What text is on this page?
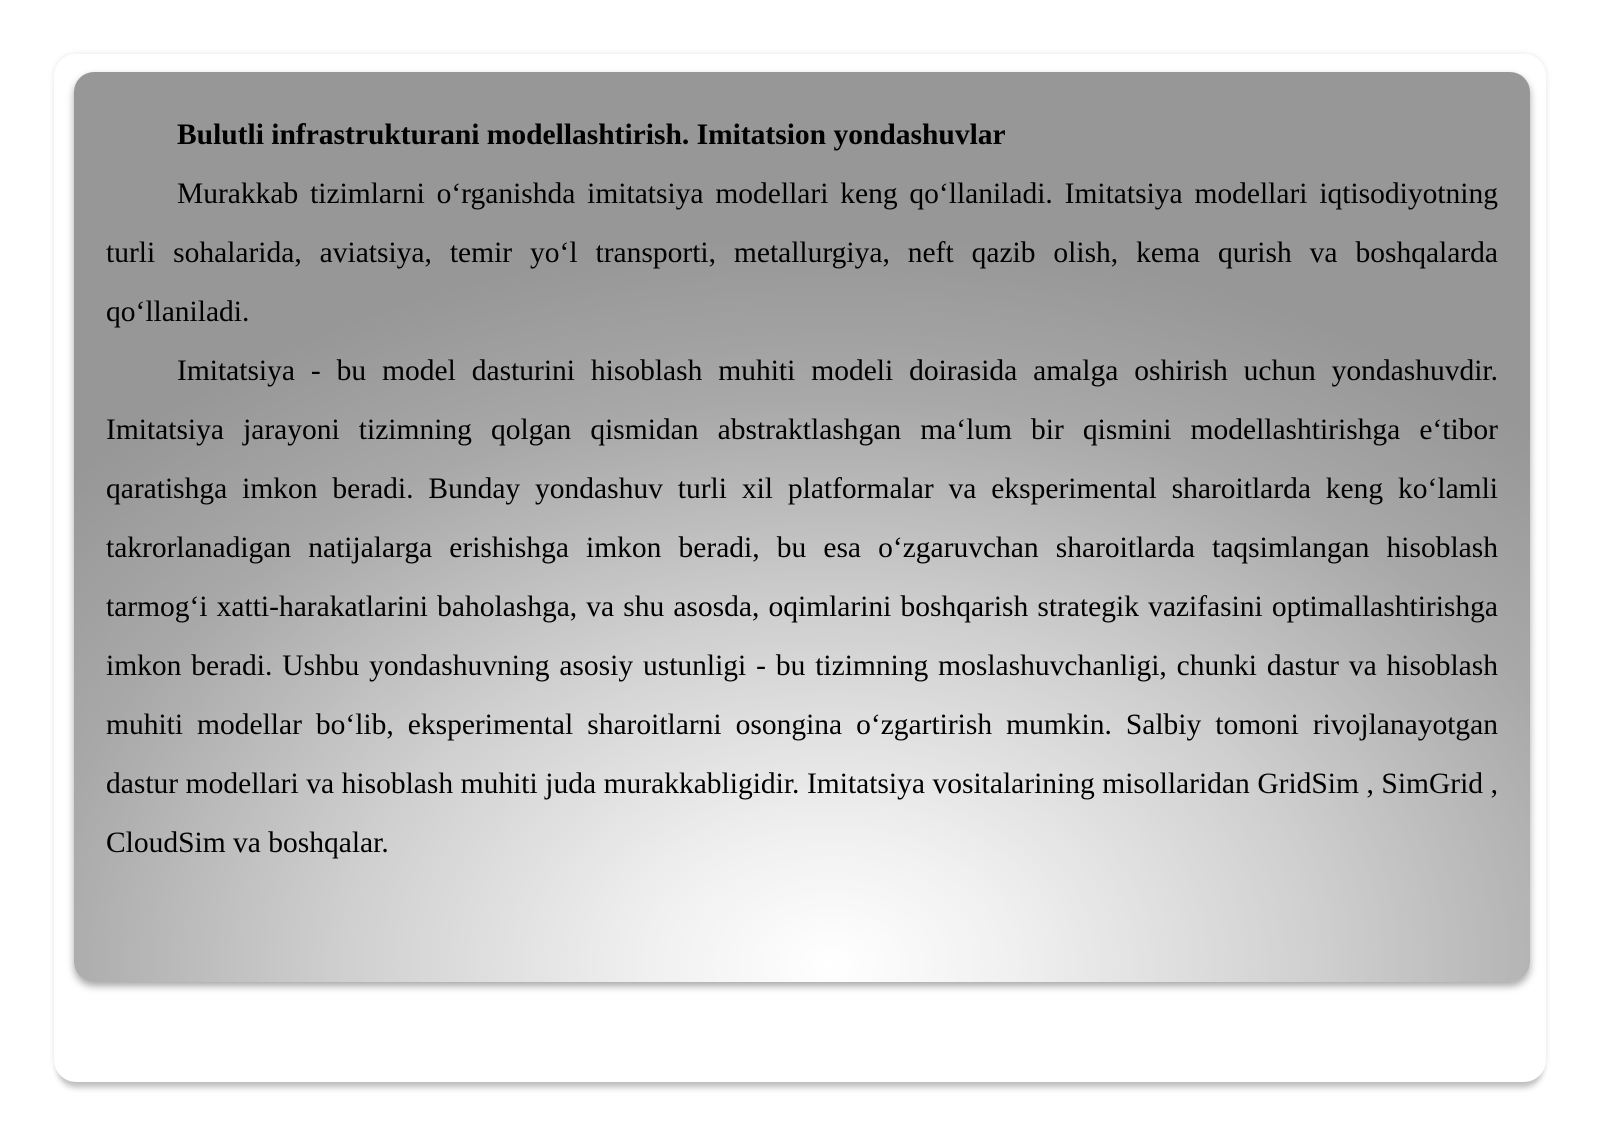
Bulutli infrastrukturani modellashtirish. Imitatsion yondashuvlar

Murakkab tizimlarni o‘rganishda imitatsiya modellari keng qo‘llaniladi. Imitatsiya modellari iqtisodiyotning turli sohalarida, aviatsiya, temir yo‘l transporti, metallurgiya, neft qazib olish, kema qurish va boshqalarda qo‘llaniladi.

Imitatsiya - bu model dasturini hisoblash muhiti modeli doirasida amalga oshirish uchun yondashuvdir. Imitatsiya jarayoni tizimning qolgan qismidan abstraktlashgan ma‘lum bir qismini modellashtirishga e‘tibor qaratishga imkon beradi. Bunday yondashuv turli xil platformalar va eksperimental sharoitlarda keng ko‘lamli takrorlanadigan natijalarga erishishga imkon beradi, bu esa o‘zgaruvchan sharoitlarda taqsimlangan hisoblash tarmog‘i xatti-harakatlarini baholashga, va shu asosda, oqimlarini boshqarish strategik vazifasini optimallashtirishga imkon beradi. Ushbu yondashuvning asosiy ustunligi - bu tizimning moslashuvchanligi, chunki dastur va hisoblash muhiti modellar bo‘lib, eksperimental sharoitlarni osongina o‘zgartirish mumkin. Salbiy tomoni rivojlanayotgan dastur modellari va hisoblash muhiti juda murakkabligidir. Imitatsiya vositalarining misollaridan GridSim , SimGrid , CloudSim va boshqalar.
